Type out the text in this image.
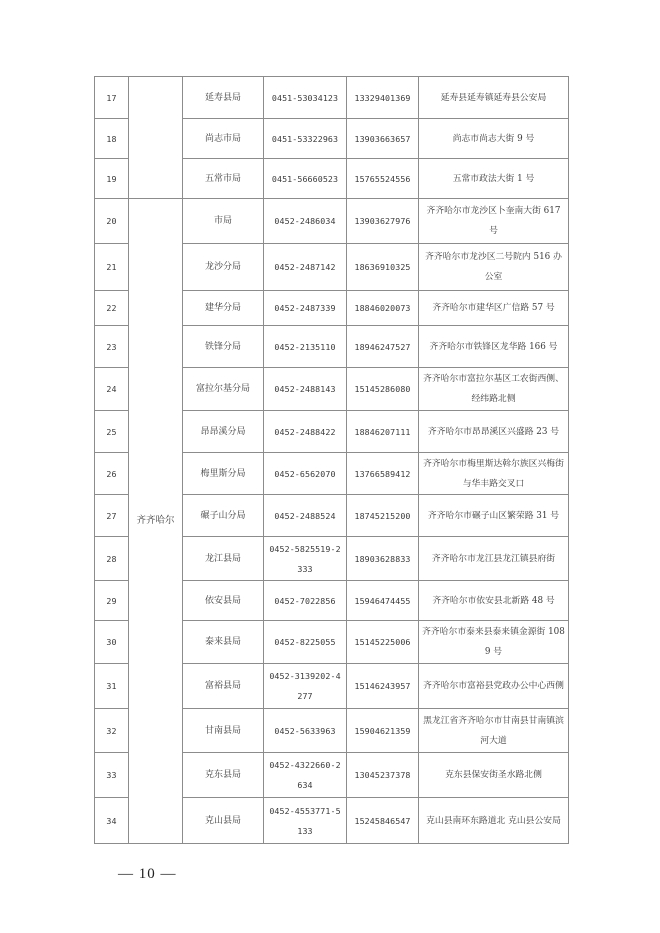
17		延寿县局	0451-53034123	13329401369	延寿县延寿镇延寿县公安局
18		尚志市局	0451-53322963	13903663657	尚志市尚志大街 9 号
19		五常市局	0451-56660523	15765524556	五常市政法大街 1 号
20	齐齐哈尔	市局	0452-2486034	13903627976	齐齐哈尔市龙沙区卜奎南大街 617 号
21		龙沙分局	0452-2487142	18636910325	齐齐哈尔市龙沙区二号院内 516 办公室
22		建华分局	0452-2487339	18846020073	齐齐哈尔市建华区广信路 57 号
23		铁锋分局	0452-2135110	18946247527	齐齐哈尔市铁锋区龙华路 166 号
24		富拉尔基分局	0452-2488143	15145286080	齐齐哈尔市富拉尔基区工农街西侧、经纬路北侧
25		昂昂溪分局	0452-2488422	18846207111	齐齐哈尔市昂昂溪区兴盛路 23 号
26		梅里斯分局	0452-6562070	13766589412	齐齐哈尔市梅里斯达斡尔族区兴梅街与华丰路交叉口
27		碾子山分局	0452-2488524	18745215200	齐齐哈尔市碾子山区繁荣路 31 号
28		龙江县局	0452-5825519-2333	18903628833	齐齐哈尔市龙江县龙江镇县府街
29		依安县局	0452-7022856	15946474455	齐齐哈尔市依安县北新路 48 号
30		泰来县局	0452-8225055	15145225006	齐齐哈尔市泰来县泰来镇金源街 1089 号
31		富裕县局	0452-3139202-4277	15146243957	齐齐哈尔市富裕县党政办公中心西侧
32		甘南县局	0452-5633963	15904621359	黑龙江省齐齐哈尔市甘南县甘南镇滨河大道
33		克东县局	0452-4322660-2634	13045237378	克东县保安街圣水路北侧
34		克山县局	0452-4553771-5133	15245846547	克山县南环东路道北 克山县公安局
— 10 —
